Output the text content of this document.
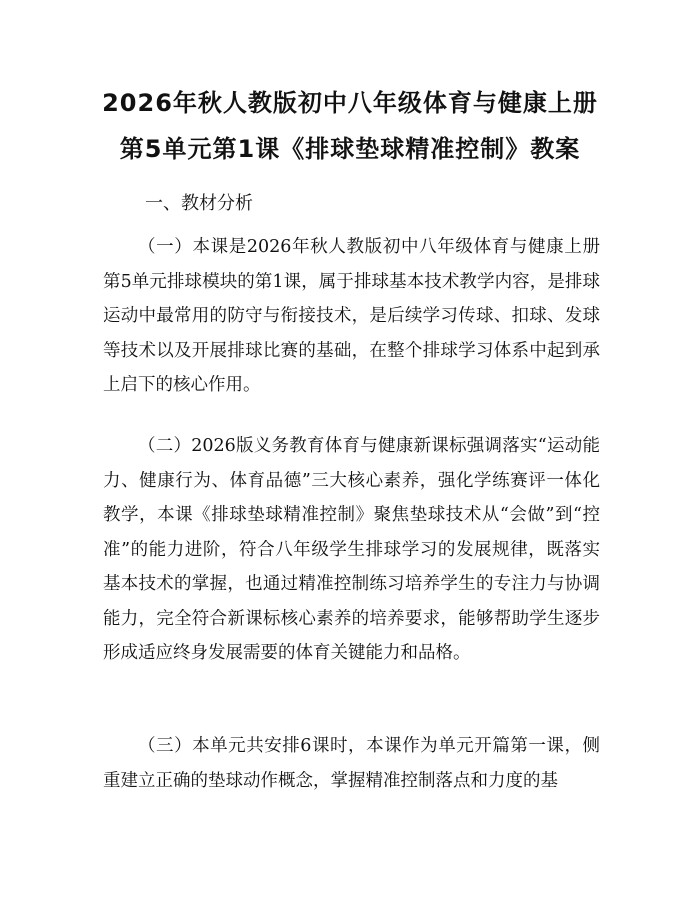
2026年秋人教版初中八年级体育与健康上册
第5单元第1课《排球垫球精准控制》教案
一、教材分析

（一）本课是2026年秋人教版初中八年级体育与健康上册第5单元排球模块的第1课，属于排球基本技术教学内容，是排球运动中最常用的防守与衔接技术，是后续学习传球、扣球、发球等技术以及开展排球比赛的基础，在整个排球学习体系中起到承上启下的核心作用。

（二）2026版义务教育体育与健康新课标强调落实“运动能力、健康行为、体育品德”三大核心素养，强化学练赛评一体化教学，本课《排球垫球精准控制》聚焦垫球技术从“会做”到“控准”的能力进阶，符合八年级学生排球学习的发展规律，既落实基本技术的掌握，也通过精准控制练习培养学生的专注力与协调能力，完全符合新课标核心素养的培养要求，能够帮助学生逐步形成适应终身发展需要的体育关键能力和品格。

（三）本单元共安排6课时，本课作为单元开篇第一课，侧重建立正确的垫球动作概念，掌握精准控制落点和力度的基
